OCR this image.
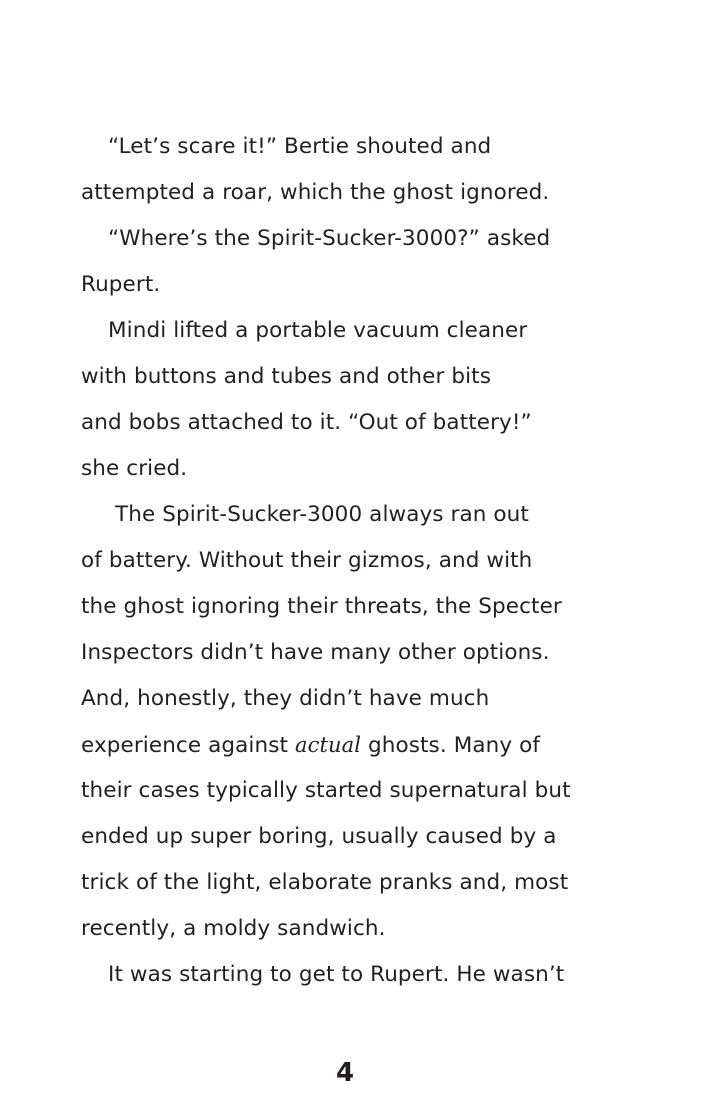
“Let’s scare it!” Bertie shouted and
attempted a roar, which the ghost ignored.
“Where’s the Spirit-Sucker-3000?” asked
Rupert.
Mindi lifted a portable vacuum cleaner
with buttons and tubes and other bits
and bobs attached to it. “Out of battery!”
she cried.
The Spirit-Sucker-3000 always ran out
of battery. Without their gizmos, and with
the ghost ignoring their threats, the Specter
Inspectors didn’t have many other options.
And, honestly, they didn’t have much
experience against actual ghosts. Many of
their cases typically started supernatural but
ended up super boring, usually caused by a
trick of the light, elaborate pranks and, most
recently, a moldy sandwich.
It was starting to get to Rupert. He wasn’t
4
